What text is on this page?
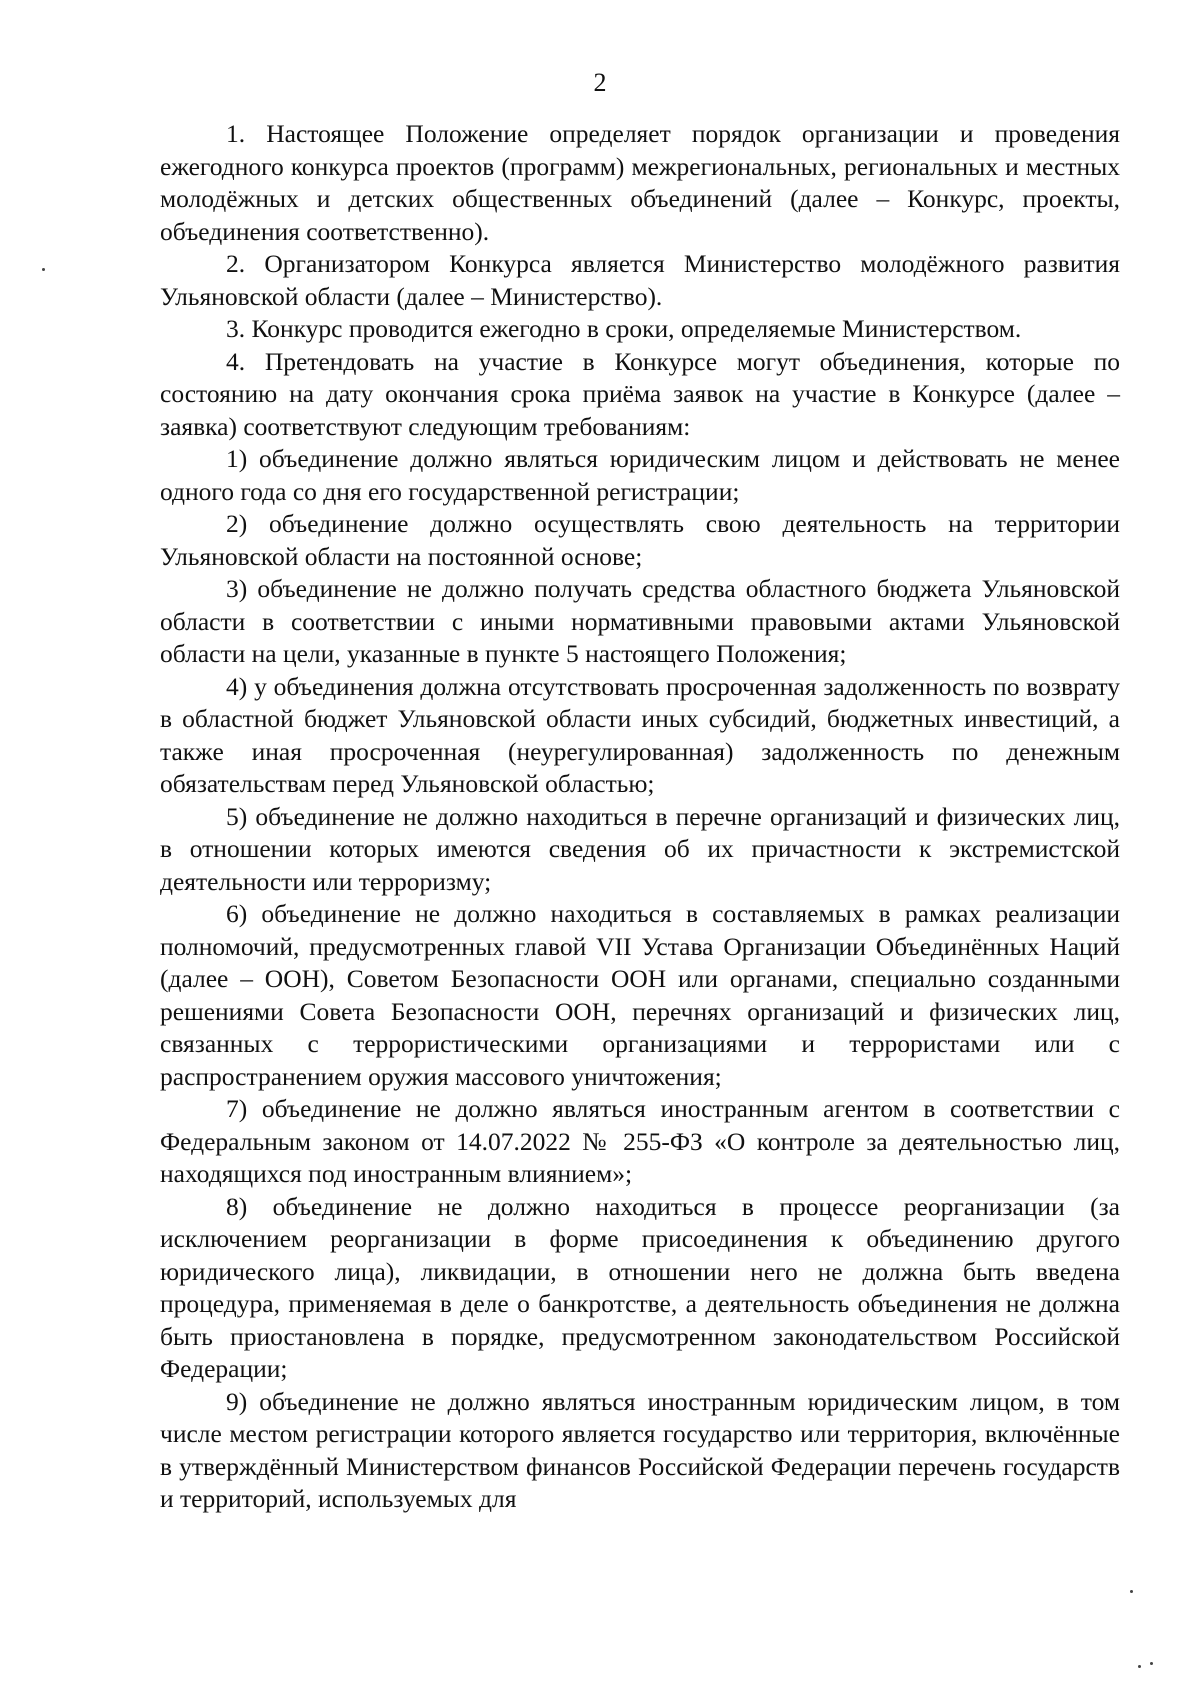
2

1. Настоящее Положение определяет порядок организации и проведения ежегодного конкурса проектов (программ) межрегиональных, региональных и местных молодёжных и детских общественных объединений (далее – Конкурс, проекты, объединения соответственно).

2. Организатором Конкурса является Министерство молодёжного развития Ульяновской области (далее – Министерство).

3. Конкурс проводится ежегодно в сроки, определяемые Министерством.

4. Претендовать на участие в Конкурсе могут объединения, которые по состоянию на дату окончания срока приёма заявок на участие в Конкурсе (далее – заявка) соответствуют следующим требованиям:

1) объединение должно являться юридическим лицом и действовать не менее одного года со дня его государственной регистрации;

2) объединение должно осуществлять свою деятельность на территории Ульяновской области на постоянной основе;

3) объединение не должно получать средства областного бюджета Ульяновской области в соответствии с иными нормативными правовыми актами Ульяновской области на цели, указанные в пункте 5 настоящего Положения;

4) у объединения должна отсутствовать просроченная задолженность по возврату в областной бюджет Ульяновской области иных субсидий, бюджетных инвестиций, а также иная просроченная (неурегулированная) задолженность по денежным обязательствам перед Ульяновской областью;

5) объединение не должно находиться в перечне организаций и физических лиц, в отношении которых имеются сведения об их причастности к экстремистской деятельности или терроризму;

6) объединение не должно находиться в составляемых в рамках реализации полномочий, предусмотренных главой VII Устава Организации Объединённых Наций (далее – ООН), Советом Безопасности ООН или органами, специально созданными решениями Совета Безопасности ООН, перечнях организаций и физических лиц, связанных с террористическими организациями и террористами или с распространением оружия массового уничтожения;

7) объединение не должно являться иностранным агентом в соответствии с Федеральным законом от 14.07.2022 № 255-ФЗ «О контроле за деятельностью лиц, находящихся под иностранным влиянием»;

8) объединение не должно находиться в процессе реорганизации (за исключением реорганизации в форме присоединения к объединению другого юридического лица), ликвидации, в отношении него не должна быть введена процедура, применяемая в деле о банкротстве, а деятельность объединения не должна быть приостановлена в порядке, предусмотренном законодательством Российской Федерации;

9) объединение не должно являться иностранным юридическим лицом, в том числе местом регистрации которого является государство или территория, включённые в утверждённый Министерством финансов Российской Федерации перечень государств и территорий, используемых для
